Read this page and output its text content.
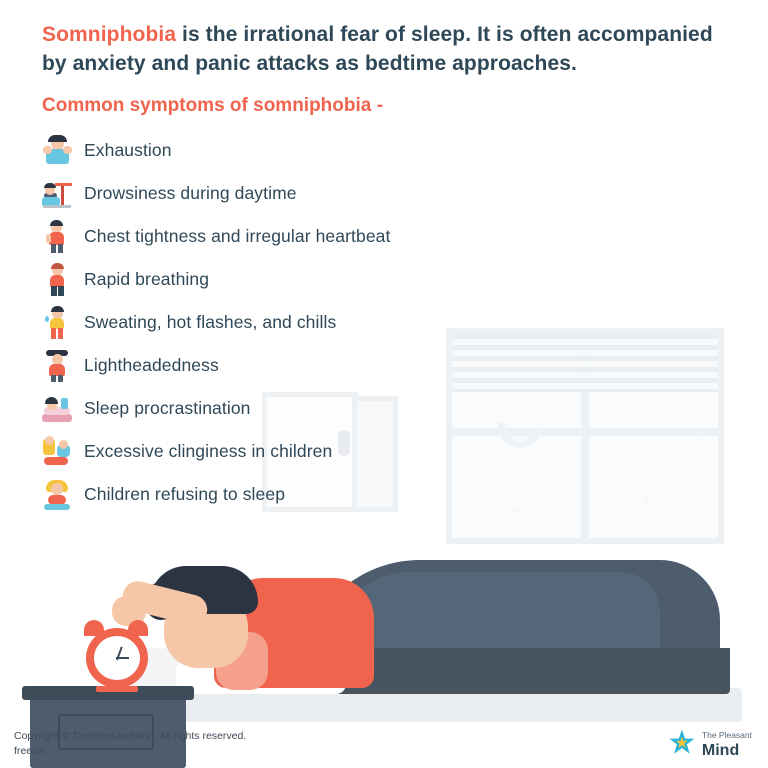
Somniphobia is the irrational fear of sleep. It is often accompanied by anxiety and panic attacks as bedtime approaches.

Common symptoms of somniphobia -
Exhaustion
Drowsiness during daytime
Chest tightness and irregular heartbeat
Rapid breathing
Sweating, hot flashes, and chills
Lightheadedness
Sleep procrastination
Excessive clinginess in children
Children refusing to sleep
Copyright © ThePleasantMind, All rights reserved.
freepik
The Pleasant
Mind
